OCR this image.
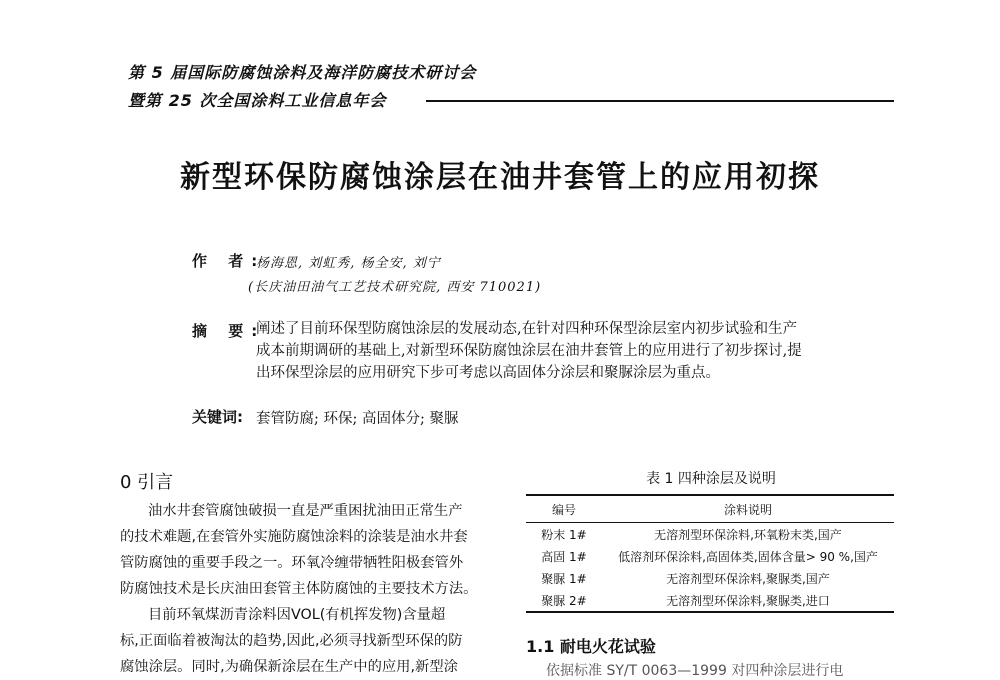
第 5 届国际防腐蚀涂料及海洋防腐技术研讨会
暨第 25 次全国涂料工业信息年会
新型环保防腐蚀涂层在油井套管上的应用初探
作 者:
杨海恩, 刘虹秀, 杨全安, 刘宁
(长庆油田油气工艺技术研究院, 西安 710021)
摘 要:
阐述了目前环保型防腐蚀涂层的发展动态,在针对四种环保型涂层室内初步试验和生产
成本前期调研的基础上,对新型环保防腐蚀涂层在油井套管上的应用进行了初步探讨,提
出环保型涂层的应用研究下步可考虑以高固体分涂层和聚脲涂层为重点。
关键词: 套管防腐; 环保; 高固体分; 聚脲
0 引言
油水井套管腐蚀破损一直是严重困扰油田正常生产
的技术难题,在套管外实施防腐蚀涂料的涂装是油水井套
管防腐蚀的重要手段之一。环氧冷缠带牺牲阳极套管外
防腐蚀技术是长庆油田套管主体防腐蚀的主要技术方法。
目前环氧煤沥青涂料因VOL(有机挥发物)含量超
标,正面临着被淘汰的趋势,因此,必须寻找新型环保的防
腐蚀涂层。同时,为确保新涂层在生产中的应用,新型涂
表 1 四种涂层及说明
编号	涂料说明
粉末 1#	无溶剂型环保涂料,环氧粉末类,国产
高固 1#	低溶剂环保涂料,高固体类,固体含量> 90 %,国产
聚脲 1#	无溶剂型环保涂料,聚脲类,国产
聚脲 2#	无溶剂型环保涂料,聚脲类,进口
1.1 耐电火花试验
依据标准 SY/T 0063—1999 对四种涂层进行电
